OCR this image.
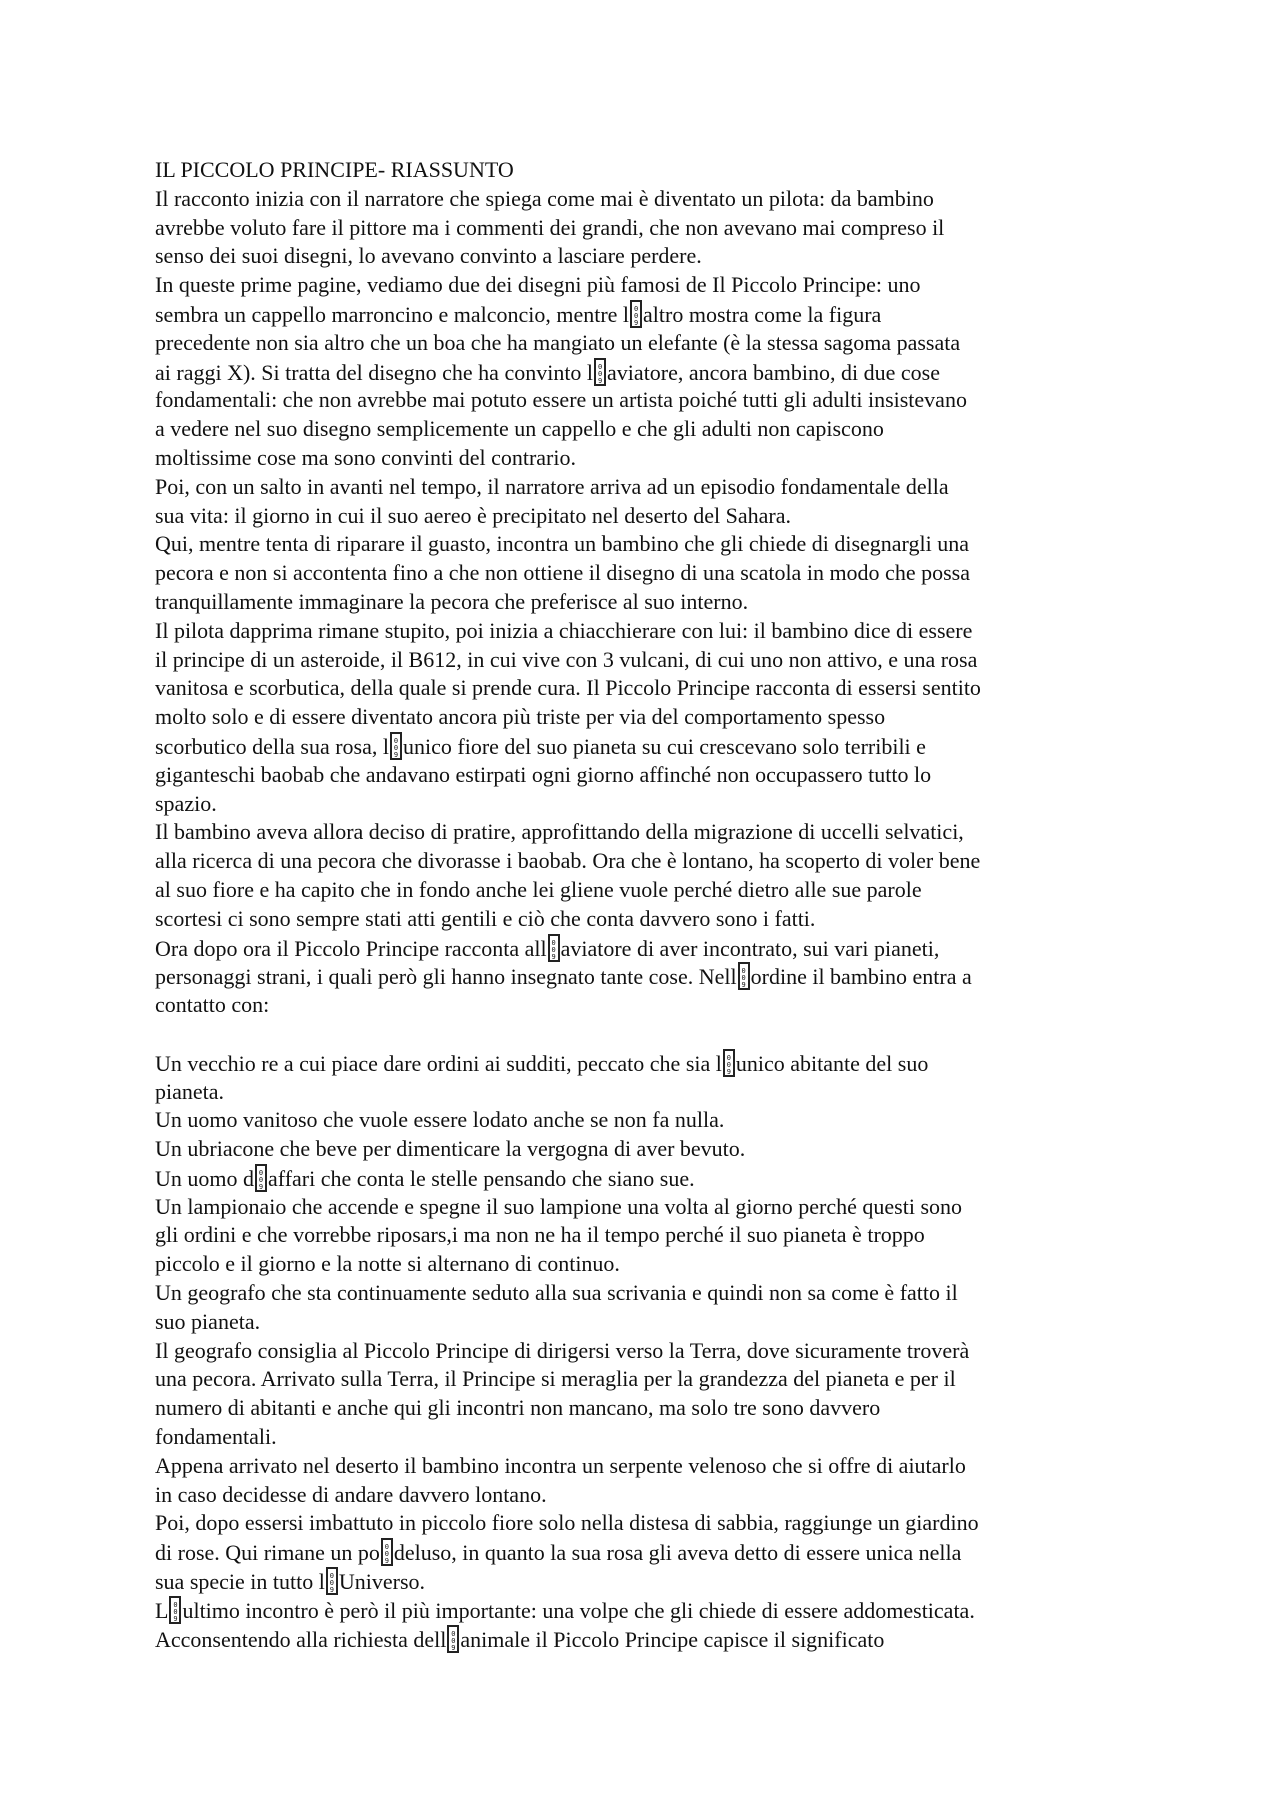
IL PICCOLO PRINCIPE- RIASSUNTO
Il racconto inizia con il narratore che spiega come mai è diventato un pilota: da bambino
avrebbe voluto fare il pittore ma i commenti dei grandi, che non avevano mai compreso il
senso dei suoi disegni, lo avevano convinto a lasciare perdere.
In queste prime pagine, vediamo due dei disegni più famosi de Il Piccolo Principe: uno
sembra un cappello marroncino e malconcio, mentre l 0
0
9 altro mostra come la figura
precedente non sia altro che un boa che ha mangiato un elefante (è la stessa sagoma passata
ai raggi X). Si tratta del disegno che ha convinto l 0
0
9 aviatore, ancora bambino, di due cose
fondamentali: che non avrebbe mai potuto essere un artista poiché tutti gli adulti insistevano
a vedere nel suo disegno semplicemente un cappello e che gli adulti non capiscono
moltissime cose ma sono convinti del contrario.
Poi, con un salto in avanti nel tempo, il narratore arriva ad un episodio fondamentale della
sua vita: il giorno in cui il suo aereo è precipitato nel deserto del Sahara.
Qui, mentre tenta di riparare il guasto, incontra un bambino che gli chiede di disegnargli una
pecora e non si accontenta fino a che non ottiene il disegno di una scatola in modo che possa
tranquillamente immaginare la pecora che preferisce al suo interno.
Il pilota dapprima rimane stupito, poi inizia a chiacchierare con lui: il bambino dice di essere
il principe di un asteroide, il B612, in cui vive con 3 vulcani, di cui uno non attivo, e una rosa
vanitosa e scorbutica, della quale si prende cura. Il Piccolo Principe racconta di essersi sentito
molto solo e di essere diventato ancora più triste per via del comportamento spesso
scorbutico della sua rosa, l 0
0
9 unico fiore del suo pianeta su cui crescevano solo terribili e
giganteschi baobab che andavano estirpati ogni giorno affinché non occupassero tutto lo
spazio.
Il bambino aveva allora deciso di pratire, approfittando della migrazione di uccelli selvatici,
alla ricerca di una pecora che divorasse i baobab. Ora che è lontano, ha scoperto di voler bene
al suo fiore e ha capito che in fondo anche lei gliene vuole perché dietro alle sue parole
scortesi ci sono sempre stati atti gentili e ciò che conta davvero sono i fatti.
Ora dopo ora il Piccolo Principe racconta all 0
0
9 aviatore di aver incontrato, sui vari pianeti,
personaggi strani, i quali però gli hanno insegnato tante cose. Nell 0
0
9 ordine il bambino entra a
contatto con:
Un vecchio re a cui piace dare ordini ai sudditi, peccato che sia l 0
0
9 unico abitante del suo
pianeta.
Un uomo vanitoso che vuole essere lodato anche se non fa nulla.
Un ubriacone che beve per dimenticare la vergogna di aver bevuto.
Un uomo d 0
0
9 affari che conta le stelle pensando che siano sue.
Un lampionaio che accende e spegne il suo lampione una volta al giorno perché questi sono
gli ordini e che vorrebbe riposars,i ma non ne ha il tempo perché il suo pianeta è troppo
piccolo e il giorno e la notte si alternano di continuo.
Un geografo che sta continuamente seduto alla sua scrivania e quindi non sa come è fatto il
suo pianeta.
Il geografo consiglia al Piccolo Principe di dirigersi verso la Terra, dove sicuramente troverà
una pecora. Arrivato sulla Terra, il Principe si meraglia per la grandezza del pianeta e per il
numero di abitanti e anche qui gli incontri non mancano, ma solo tre sono davvero
fondamentali.
Appena arrivato nel deserto il bambino incontra un serpente velenoso che si offre di aiutarlo
in caso decidesse di andare davvero lontano.
Poi, dopo essersi imbattuto in piccolo fiore solo nella distesa di sabbia, raggiunge un giardino
di rose. Qui rimane un po 0
0
9 deluso, in quanto la sua rosa gli aveva detto di essere unica nella
sua specie in tutto l 0
0
9 Universo.
L 0
0
9 ultimo incontro è però il più importante: una volpe che gli chiede di essere addomesticata.
Acconsentendo alla richiesta dell 0
0
9 animale il Piccolo Principe capisce il significato
